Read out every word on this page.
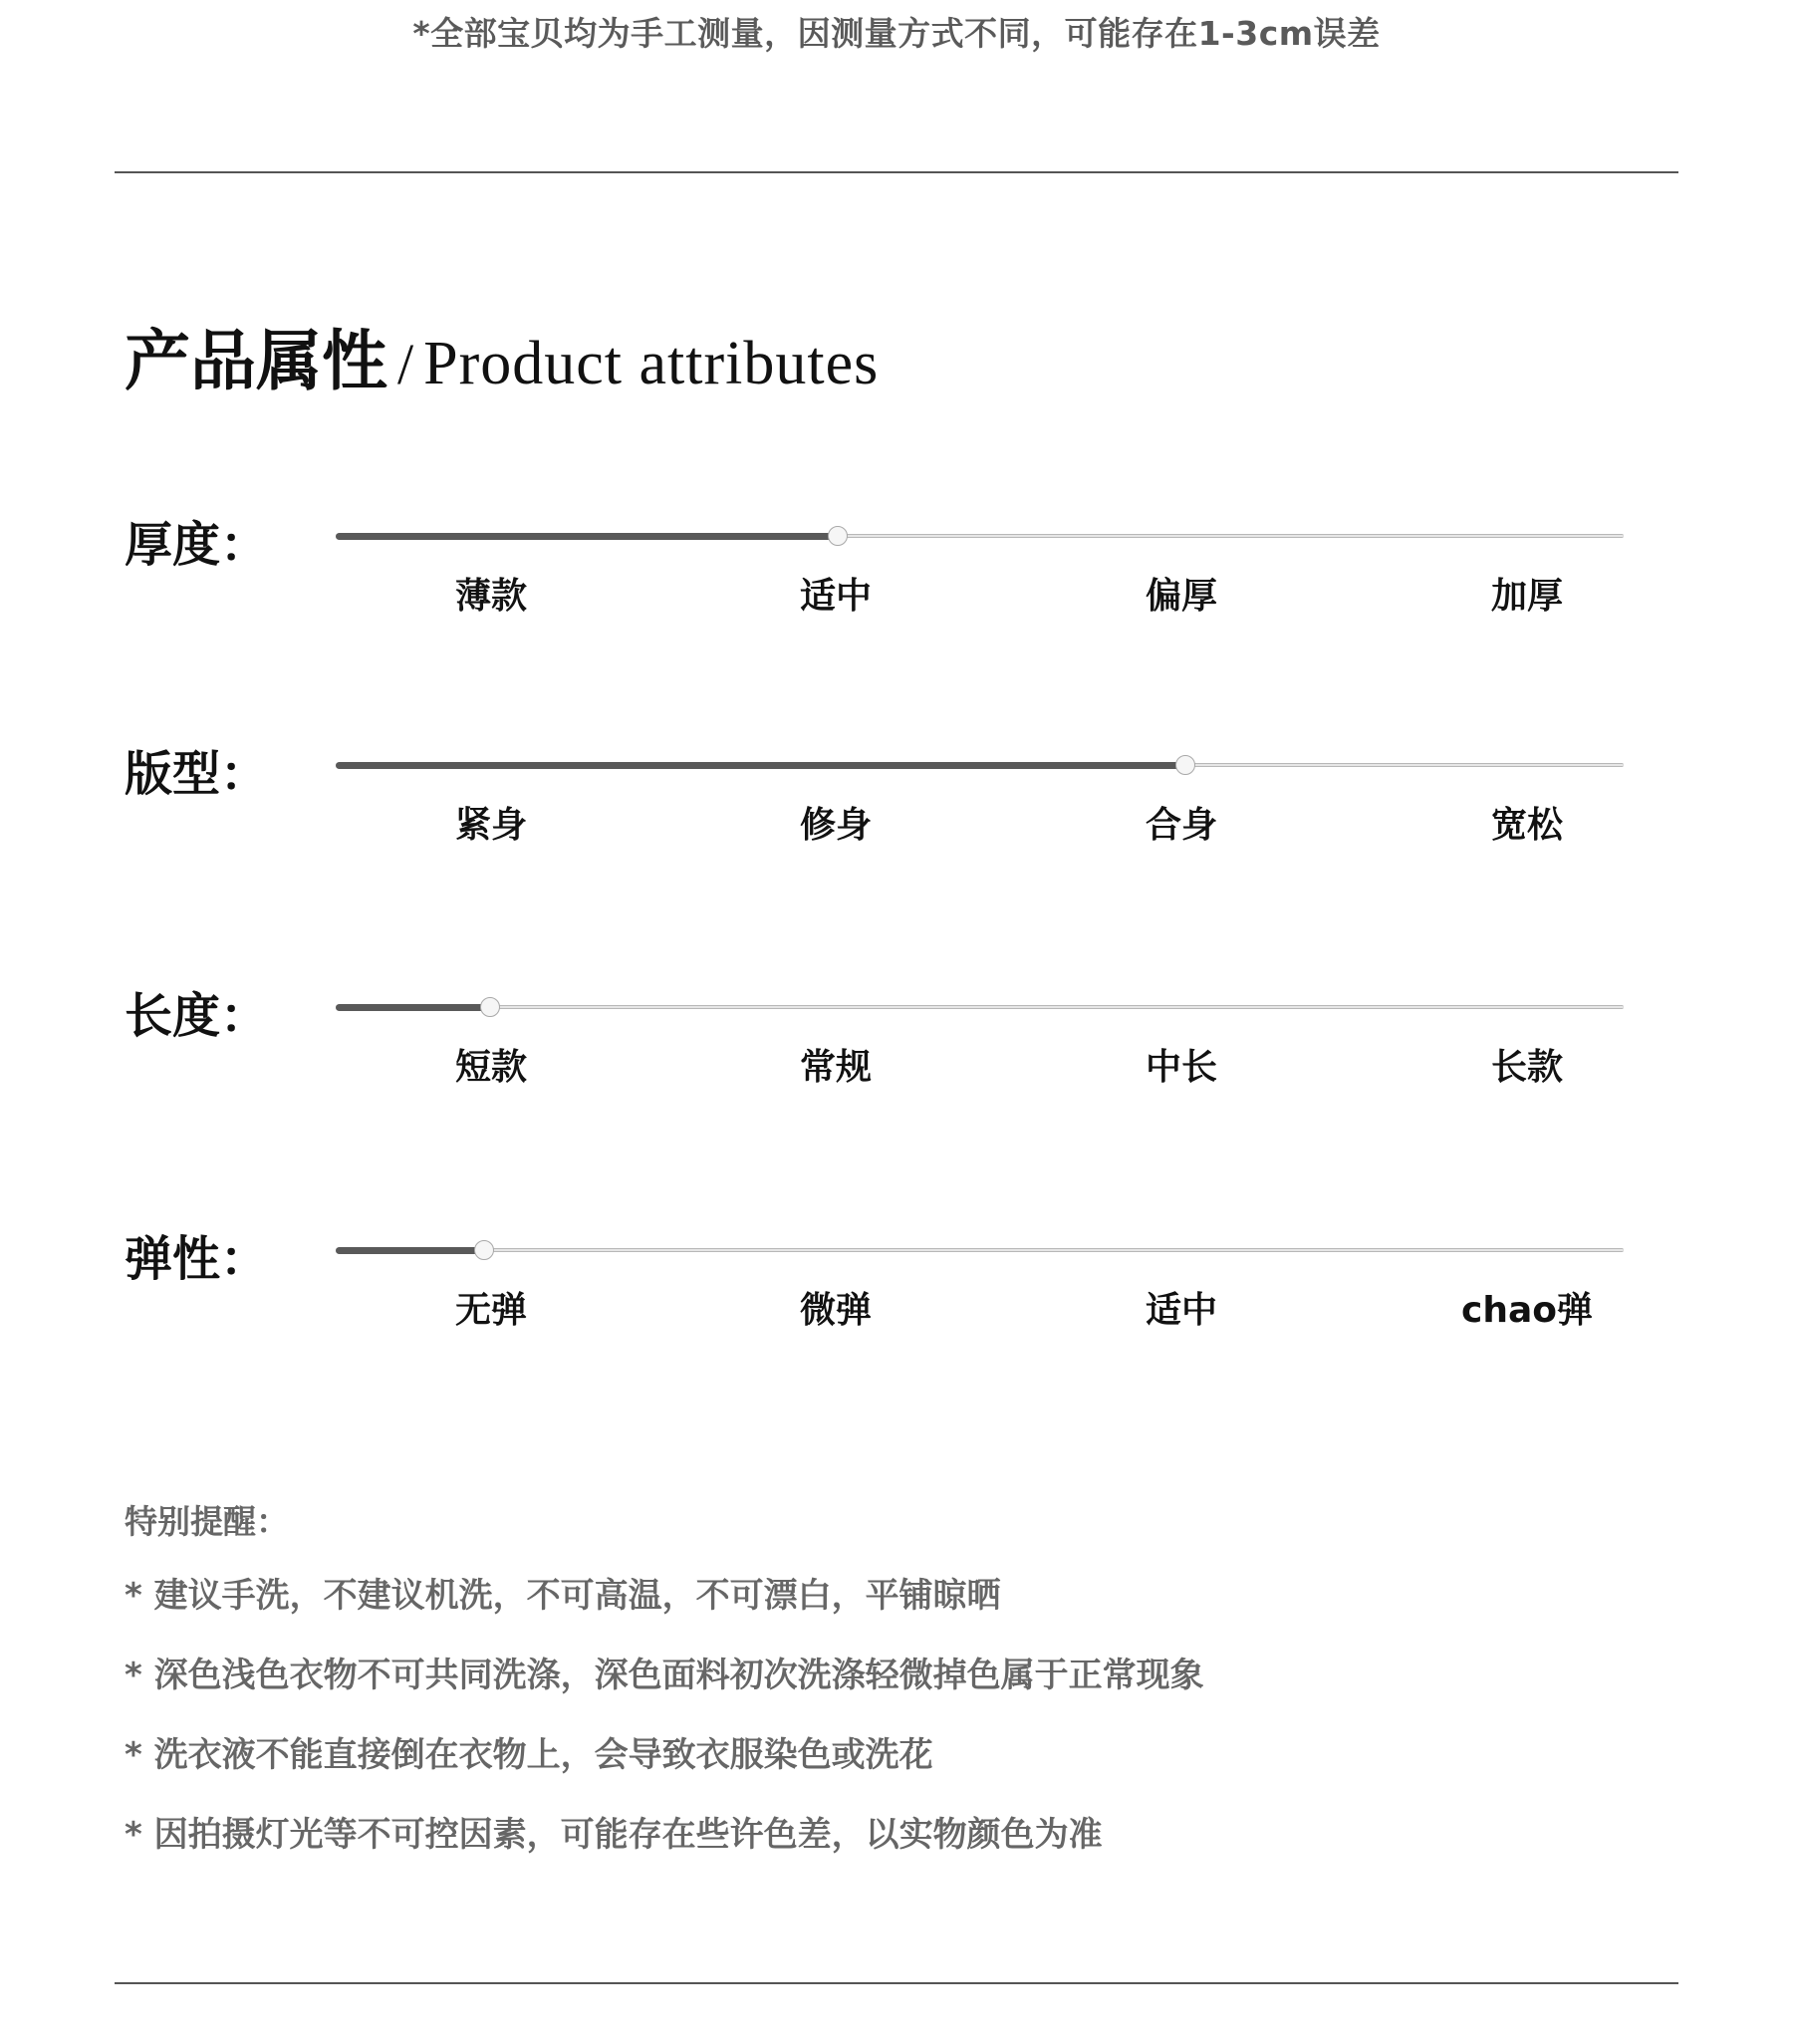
*全部宝贝均为手工测量，因测量方式不同，可能存在1-3cm误差
产品属性 / Product attributes
厚度：
薄款	适中	偏厚	加厚
版型：
紧身	修身	合身	宽松
长度：
短款	常规	中长	长款
弹性：
无弹	微弹	适中	chao弹
特别提醒：
* 建议手洗，不建议机洗，不可高温，不可漂白，平铺晾晒
* 深色浅色衣物不可共同洗涤，深色面料初次洗涤轻微掉色属于正常现象
* 洗衣液不能直接倒在衣物上，会导致衣服染色或洗花
* 因拍摄灯光等不可控因素，可能存在些许色差，以实物颜色为准
